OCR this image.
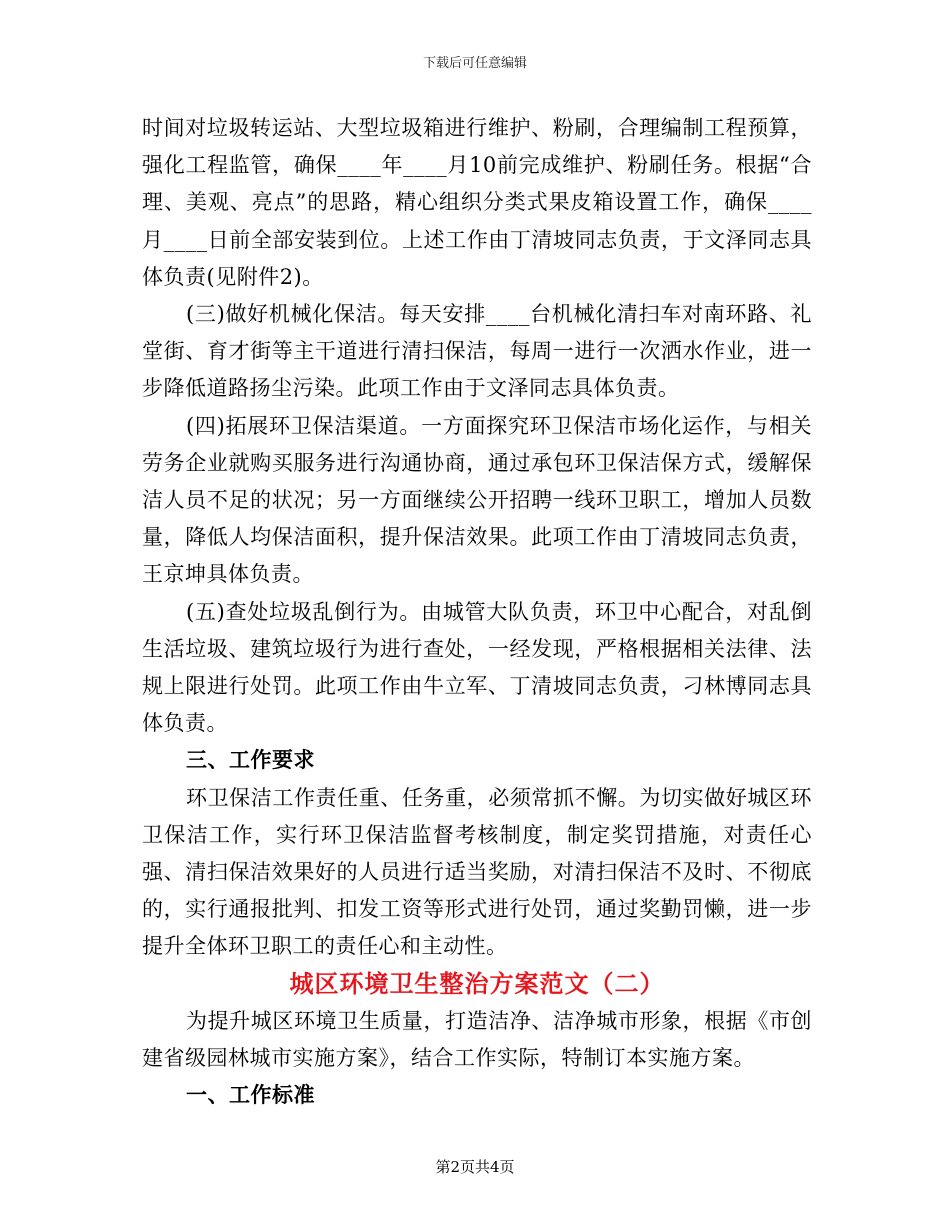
下载后可任意编辑

时间对垃圾转运站、大型垃圾箱进行维护、粉刷，合理编制工程预算，强化工程监管，确保____年____月10前完成维护、粉刷任务。根据“合理、美观、亮点”的思路，精心组织分类式果皮箱设置工作，确保____月____日前全部安装到位。上述工作由丁清坡同志负责，于文泽同志具体负责(见附件2)。

(三)做好机械化保洁。每天安排____台机械化清扫车对南环路、礼堂街、育才街等主干道进行清扫保洁，每周一进行一次洒水作业，进一步降低道路扬尘污染。此项工作由于文泽同志具体负责。

(四)拓展环卫保洁渠道。一方面探究环卫保洁市场化运作，与相关劳务企业就购买服务进行沟通协商，通过承包环卫保洁保方式，缓解保洁人员不足的状况；另一方面继续公开招聘一线环卫职工，增加人员数量，降低人均保洁面积，提升保洁效果。此项工作由丁清坡同志负责，王京坤具体负责。

(五)查处垃圾乱倒行为。由城管大队负责，环卫中心配合，对乱倒生活垃圾、建筑垃圾行为进行查处，一经发现，严格根据相关法律、法规上限进行处罚。此项工作由牛立军、丁清坡同志负责，刁林博同志具体负责。

三、工作要求

环卫保洁工作责任重、任务重，必须常抓不懈。为切实做好城区环卫保洁工作，实行环卫保洁监督考核制度，制定奖罚措施，对责任心强、清扫保洁效果好的人员进行适当奖励，对清扫保洁不及时、不彻底的，实行通报批判、扣发工资等形式进行处罚，通过奖勤罚懒，进一步提升全体环卫职工的责任心和主动性。

城区环境卫生整治方案范文（二）

为提升城区环境卫生质量，打造洁净、洁净城市形象，根据《市创建省级园林城市实施方案》，结合工作实际，特制订本实施方案。

一、工作标准

第2页共4页
